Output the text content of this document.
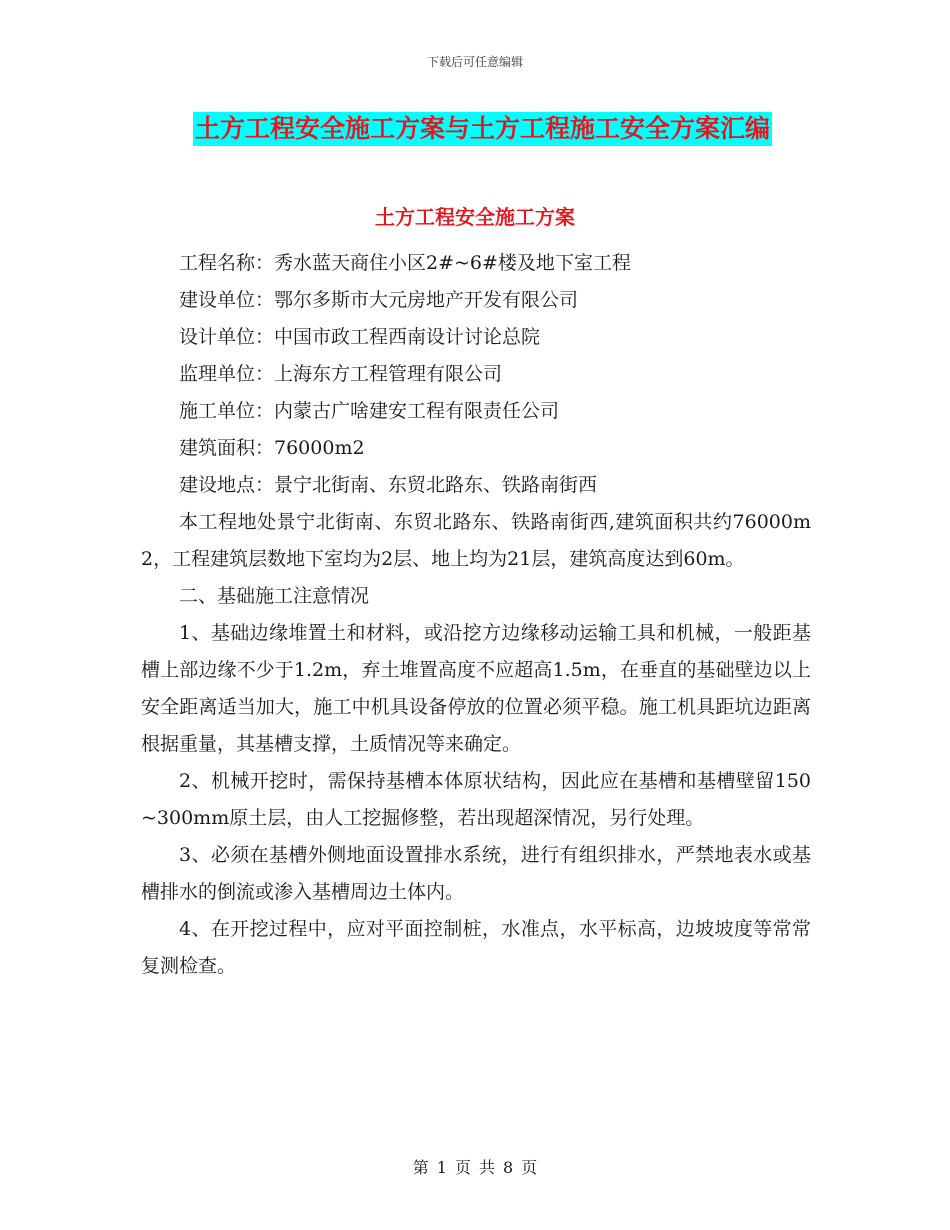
下载后可任意编辑
土方工程安全施工方案与土方工程施工安全方案汇编
土方工程安全施工方案

工程名称：秀水蓝天商住小区2#~6#楼及地下室工程

建设单位：鄂尔多斯市大元房地产开发有限公司

设计单位：中国市政工程西南设计讨论总院

监理单位：上海东方工程管理有限公司

施工单位：内蒙古广啥建安工程有限责任公司

建筑面积：76000m2

建设地点：景宁北街南、东贸北路东、铁路南街西

本工程地处景宁北街南、东贸北路东、铁路南街西,建筑面积共约76000m2，工程建筑层数地下室均为2层、地上均为21层，建筑高度达到60m。

二、基础施工注意情况

1、基础边缘堆置土和材料，或沿挖方边缘移动运输工具和机械，一般距基槽上部边缘不少于1.2m，弃土堆置高度不应超高1.5m，在垂直的基础壁边以上安全距离适当加大，施工中机具设备停放的位置必须平稳。施工机具距坑边距离根据重量，其基槽支撑，土质情况等来确定。

2、机械开挖时，需保持基槽本体原状结构，因此应在基槽和基槽壁留150~300mm原土层，由人工挖掘修整，若出现超深情况，另行处理。

3、必须在基槽外侧地面设置排水系统，进行有组织排水，严禁地表水或基槽排水的倒流或渗入基槽周边土体内。

4、在开挖过程中，应对平面控制桩，水准点，水平标高，边坡坡度等常常复测检查。

第 1 页 共 8 页
